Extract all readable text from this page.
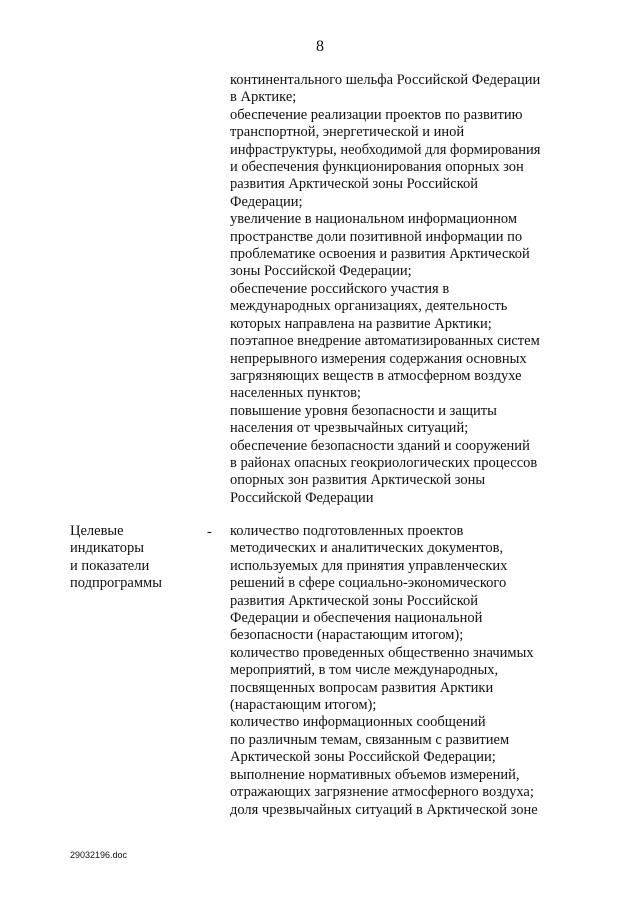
8
континентального шельфа Российской Федерации
в Арктике;
обеспечение реализации проектов по развитию
транспортной, энергетической и иной
инфраструктуры, необходимой для формирования
и обеспечения функционирования опорных зон
развития Арктической зоны Российской
Федерации;
увеличение в национальном информационном
пространстве доли позитивной информации по
проблематике освоения и развития Арктической
зоны Российской Федерации;
обеспечение российского участия в
международных организациях, деятельность
которых направлена на развитие Арктики;
поэтапное внедрение автоматизированных систем
непрерывного измерения содержания основных
загрязняющих веществ в атмосферном воздухе
населенных пунктов;
повышение уровня безопасности и защиты
населения от чрезвычайных ситуаций;
обеспечение безопасности зданий и сооружений
в районах опасных геокриологических процессов
опорных зон развития Арктической зоны
Российской Федерации
Целевые
индикаторы
и показатели
подпрограммы
- количество подготовленных проектов
методических и аналитических документов,
используемых для принятия управленческих
решений в сфере социально-экономического
развития Арктической зоны Российской
Федерации и обеспечения национальной
безопасности (нарастающим итогом);
количество проведенных общественно значимых
мероприятий, в том числе международных,
посвященных вопросам развития Арктики
(нарастающим итогом);
количество информационных сообщений
по различным темам, связанным с развитием
Арктической зоны Российской Федерации;
выполнение нормативных объемов измерений,
отражающих загрязнение атмосферного воздуха;
доля чрезвычайных ситуаций в Арктической зоне
29032196.doc
